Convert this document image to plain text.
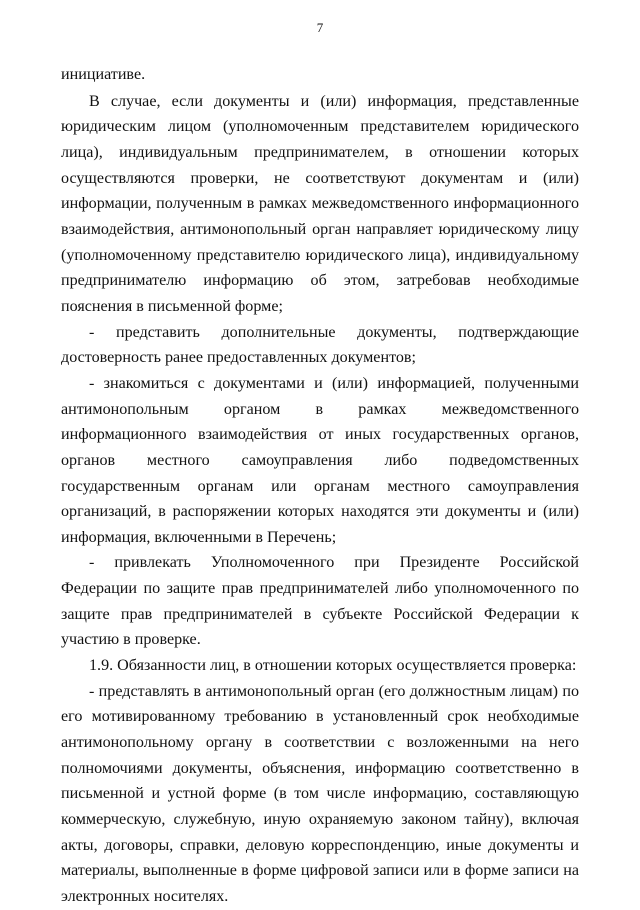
7

инициативе.

В случае, если документы и (или) информация, представленные юридическим лицом (уполномоченным представителем юридического лица), индивидуальным предпринимателем, в отношении которых осуществляются проверки, не соответствуют документам и (или) информации, полученным в рамках межведомственного информационного взаимодействия, антимонопольный орган направляет юридическому лицу (уполномоченному представителю юридического лица), индивидуальному предпринимателю информацию об этом, затребовав необходимые пояснения в письменной форме;

- представить дополнительные документы, подтверждающие достоверность ранее предоставленных документов;

- знакомиться с документами и (или) информацией, полученными антимонопольным органом в рамках межведомственного информационного взаимодействия от иных государственных органов, органов местного самоуправления либо подведомственных государственным органам или органам местного самоуправления организаций, в распоряжении которых находятся эти документы и (или) информация, включенными в Перечень;

- привлекать Уполномоченного при Президенте Российской Федерации по защите прав предпринимателей либо уполномоченного по защите прав предпринимателей в субъекте Российской Федерации к участию в проверке.

1.9. Обязанности лиц, в отношении которых осуществляется проверка:

- представлять в антимонопольный орган (его должностным лицам) по его мотивированному требованию в установленный срок необходимые антимонопольному органу в соответствии с возложенными на него полномочиями документы, объяснения, информацию соответственно в письменной и устной форме (в том числе информацию, составляющую коммерческую, служебную, иную охраняемую законом тайну), включая акты, договоры, справки, деловую корреспонденцию, иные документы и материалы, выполненные в форме цифровой записи или в форме записи на электронных носителях.
